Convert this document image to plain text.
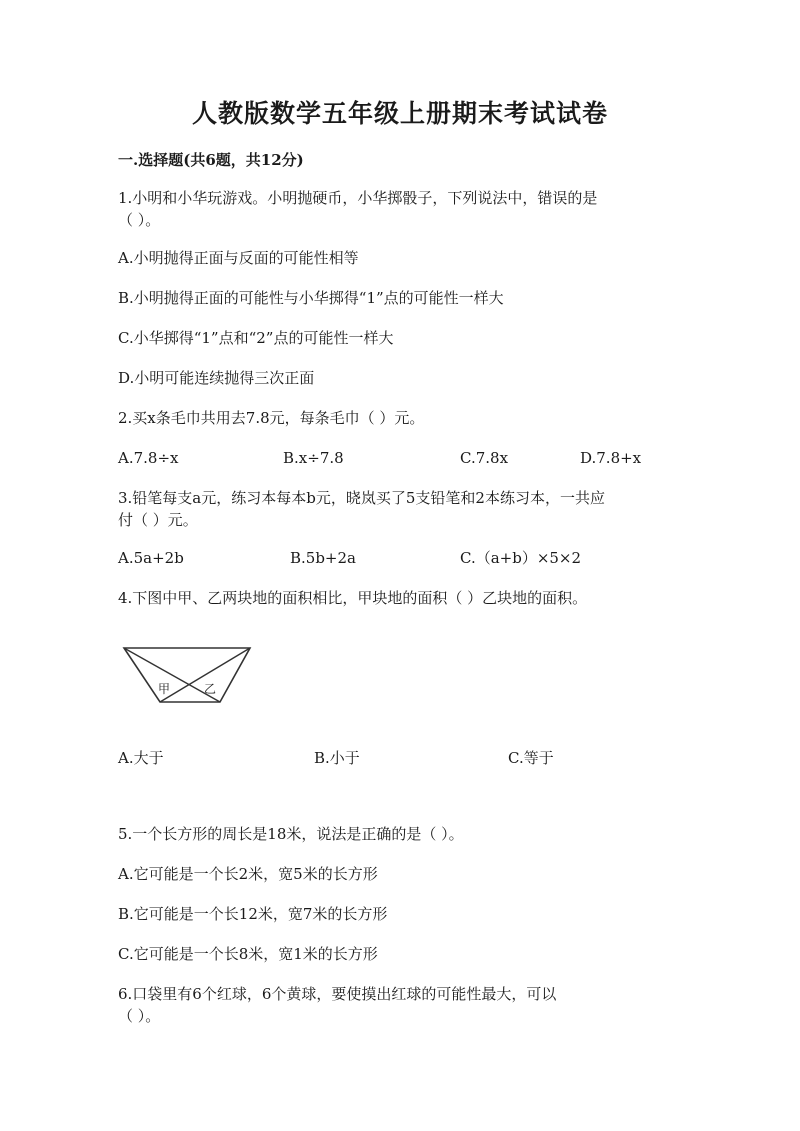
人教版数学五年级上册期末考试试卷
一.选择题(共6题，共12分)
1.小明和小华玩游戏。小明抛硬币，小华掷骰子，下列说法中，错误的是
（ ）。
A.小明抛得正面与反面的可能性相等
B.小明抛得正面的可能性与小华掷得“1”点的可能性一样大
C.小华掷得“1”点和“2”点的可能性一样大
D.小明可能连续抛得三次正面
2.买x条毛巾共用去7.8元，每条毛巾（ ）元。
A.7.8÷x	B.x÷7.8	C.7.8x	D.7.8+x
3.铅笔每支a元，练习本每本b元，晓岚买了5支铅笔和2本练习本，一共应
付（ ）元。
A.5a+2b	B.5b+2a	C.（a+b）×5×2
4.下图中甲、乙两块地的面积相比，甲块地的面积（ ）乙块地的面积。
甲	乙
A.大于	B.小于	C.等于
5.一个长方形的周长是18米，说法是正确的是（ ）。
A.它可能是一个长2米，宽5米的长方形
B.它可能是一个长12米，宽7米的长方形
C.它可能是一个长8米，宽1米的长方形
6.口袋里有6个红球，6个黄球，要使摸出红球的可能性最大，可以
（ ）。
